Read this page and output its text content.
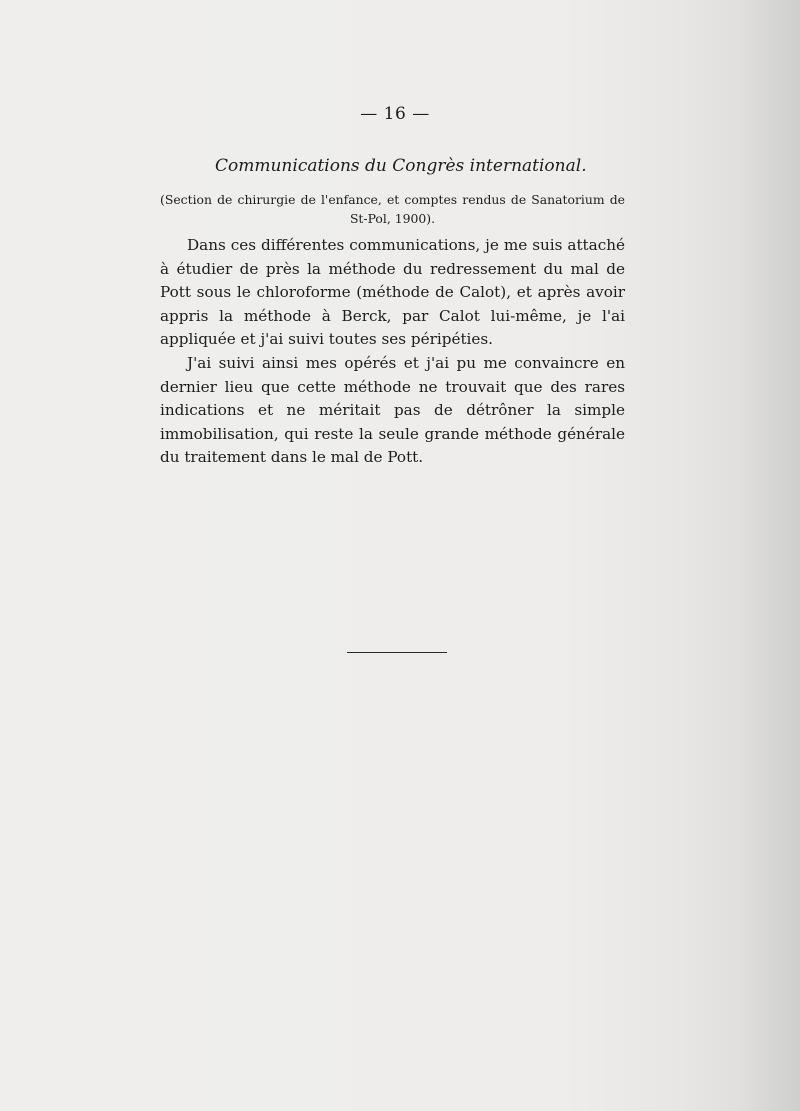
— 16 —
Communications du Congrès international.
(Section de chirurgie de l'enfance, et comptes rendus de Sanatorium de St-Pol, 1900).

Dans ces différentes communications, je me suis attaché à étudier de près la méthode du redressement du mal de Pott sous le chloroforme (méthode de Calot), et après avoir appris la méthode à Berck, par Calot lui-même, je l'ai appliquée et j'ai suivi toutes ses péripéties.

J'ai suivi ainsi mes opérés et j'ai pu me convaincre en dernier lieu que cette méthode ne trouvait que des rares indications et ne méritait pas de détrôner la simple immobilisation, qui reste la seule grande méthode générale du traitement dans le mal de Pott.
